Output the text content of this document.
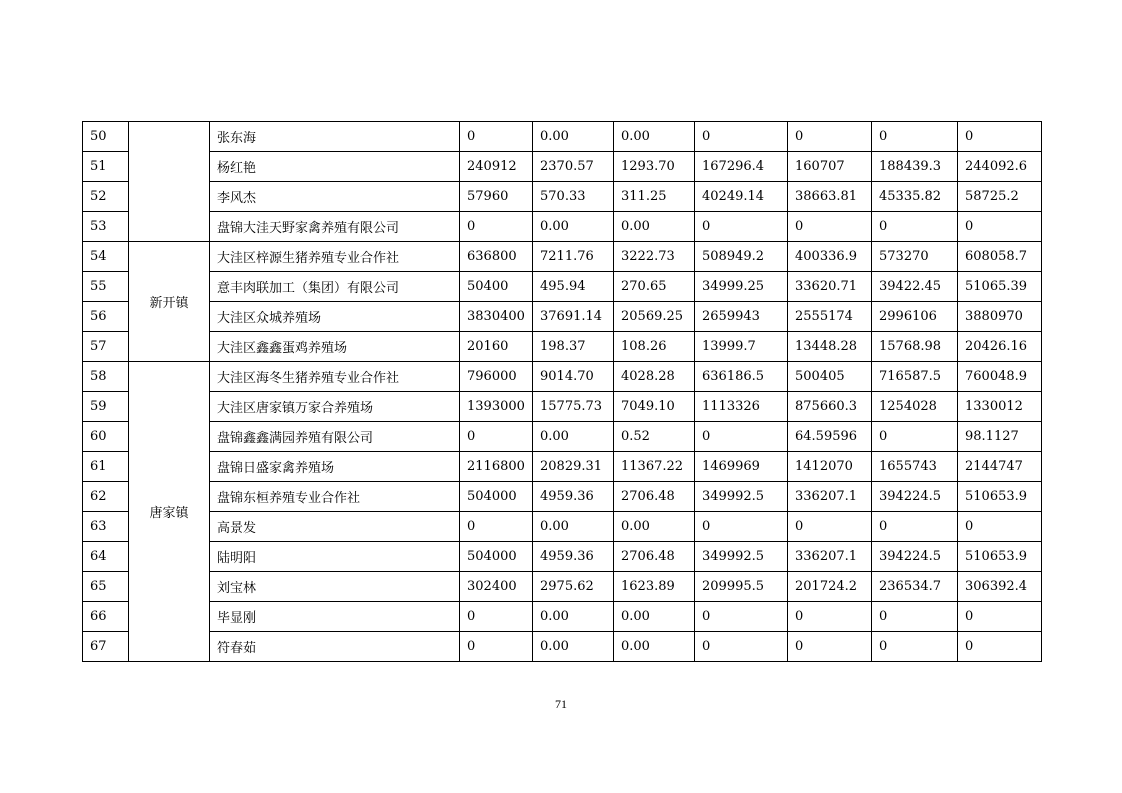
50		张东海	0	0.00	0.00	0	0	0	0
51		杨红艳	240912	2370.57	1293.70	167296.4	160707	188439.3	244092.6
52		李风杰	57960	570.33	311.25	40249.14	38663.81	45335.82	58725.2
53		盘锦大洼天野家禽养殖有限公司	0	0.00	0.00	0	0	0	0
54	新开镇	大洼区梓源生猪养殖专业合作社	636800	7211.76	3222.73	508949.2	400336.9	573270	608058.7
55		意丰肉联加工（集团）有限公司	50400	495.94	270.65	34999.25	33620.71	39422.45	51065.39
56		大洼区众城养殖场	3830400	37691.14	20569.25	2659943	2555174	2996106	3880970
57		大洼区鑫鑫蛋鸡养殖场	20160	198.37	108.26	13999.7	13448.28	15768.98	20426.16
58	唐家镇	大洼区海冬生猪养殖专业合作社	796000	9014.70	4028.28	636186.5	500405	716587.5	760048.9
59		大洼区唐家镇万家合养殖场	1393000	15775.73	7049.10	1113326	875660.3	1254028	1330012
60		盘锦鑫鑫满园养殖有限公司	0	0.00	0.52	0	64.59596	0	98.1127
61		盘锦日盛家禽养殖场	2116800	20829.31	11367.22	1469969	1412070	1655743	2144747
62		盘锦东桓养殖专业合作社	504000	4959.36	2706.48	349992.5	336207.1	394224.5	510653.9
63		高景发	0	0.00	0.00	0	0	0	0
64		陆明阳	504000	4959.36	2706.48	349992.5	336207.1	394224.5	510653.9
65		刘宝林	302400	2975.62	1623.89	209995.5	201724.2	236534.7	306392.4
66		毕显刚	0	0.00	0.00	0	0	0	0
67		符春茹	0	0.00	0.00	0	0	0	0
71
